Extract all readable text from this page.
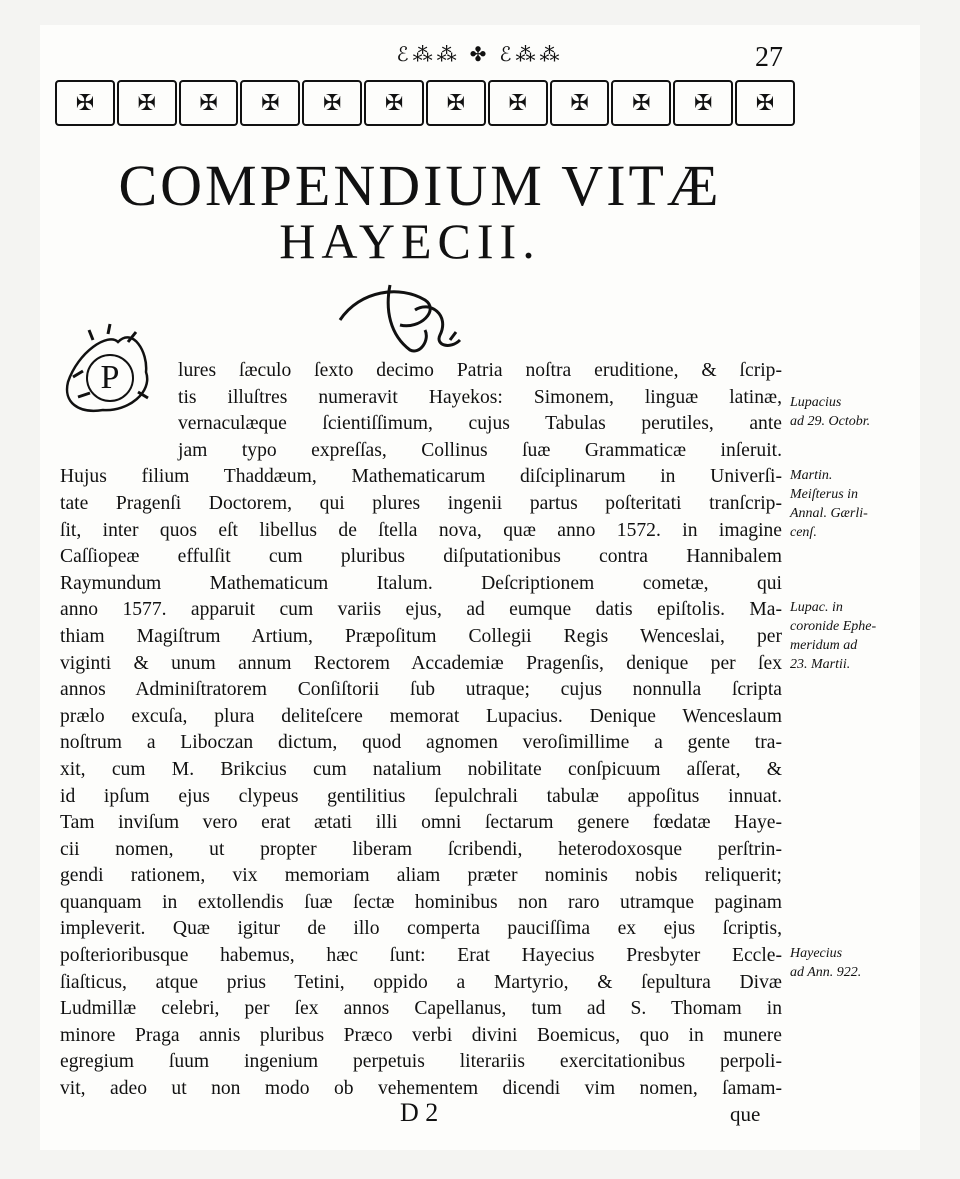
ℰ⁂⁂ ✤ ℰ⁂⁂	27
✠ ✠ ✠ ✠ ✠ ✠ ✠ ✠ ✠ ✠ ✠ ✠
COMPENDIUM VITÆ
HAYECII.
P	lures ſæculo ſexto decimo Patria noſtra eruditione, & ſcrip-
tis illuſtres numeravit Hayekos: Simonem, linguæ latinæ,
vernaculæque ſcientiſſimum, cujus Tabulas perutiles, ante
jam typo expreſſas, Collinus ſuæ Grammaticæ inſeruit.
Hujus filium Thaddæum, Mathematicarum diſciplinarum in Univerſi-
tate Pragenſi Doctorem, qui plures ingenii partus poſteritati tranſcrip-
ſit, inter quos eſt libellus de ſtella nova, quæ anno 1572. in imagine
Caſſiopeæ effulſit cum pluribus diſputationibus contra Hannibalem
Raymundum Mathematicum Italum. Deſcriptionem cometæ, qui
anno 1577. apparuit cum variis ejus, ad eumque datis epiſtolis. Ma-
thiam Magiſtrum Artium, Præpoſitum Collegii Regis Wenceslai, per
viginti & unum annum Rectorem Accademiæ Pragenſis, denique per ſex
annos Adminiſtratorem Conſiſtorii ſub utraque; cujus nonnulla ſcripta
prælo excuſa, plura deliteſcere memorat Lupacius. Denique Wenceslaum
noſtrum a Liboczan dictum, quod agnomen veroſimillime a gente tra-
xit, cum M. Brikcius cum natalium nobilitate conſpicuum aſſerat, &
id ipſum ejus clypeus gentilitius ſepulchrali tabulæ appoſitus innuat.
Tam inviſum vero erat ætati illi omni ſectarum genere fœdatæ Haye-
cii nomen, ut propter liberam ſcribendi, heterodoxosque perſtrin-
gendi rationem, vix memoriam aliam præter nominis nobis reliquerit;
quanquam in extollendis ſuæ ſectæ hominibus non raro utramque paginam
impleverit. Quæ igitur de illo comperta pauciſſima ex ejus ſcriptis,
poſterioribusque habemus, hæc ſunt: Erat Hayecius Presbyter Eccle-
ſiaſticus, atque prius Tetini, oppido a Martyrio, & ſepultura Divæ
Ludmillæ celebri, per ſex annos Capellanus, tum ad S. Thomam in
minore Praga annis pluribus Præco verbi divini Boemicus, quo in munere
egregium ſuum ingenium perpetuis literariis exercitationibus perpoli-
vit, adeo ut non modo ob vehementem dicendi vim nomen, ſamam-
Lupacius
ad 29. Octobr.
Martin.
Meiſterus in
Annal. Gærli-
cenſ.
Lupac. in
coronide Ephe-
meridum ad
23. Martii.
Hayecius
ad Ann. 922.
D 2	que
